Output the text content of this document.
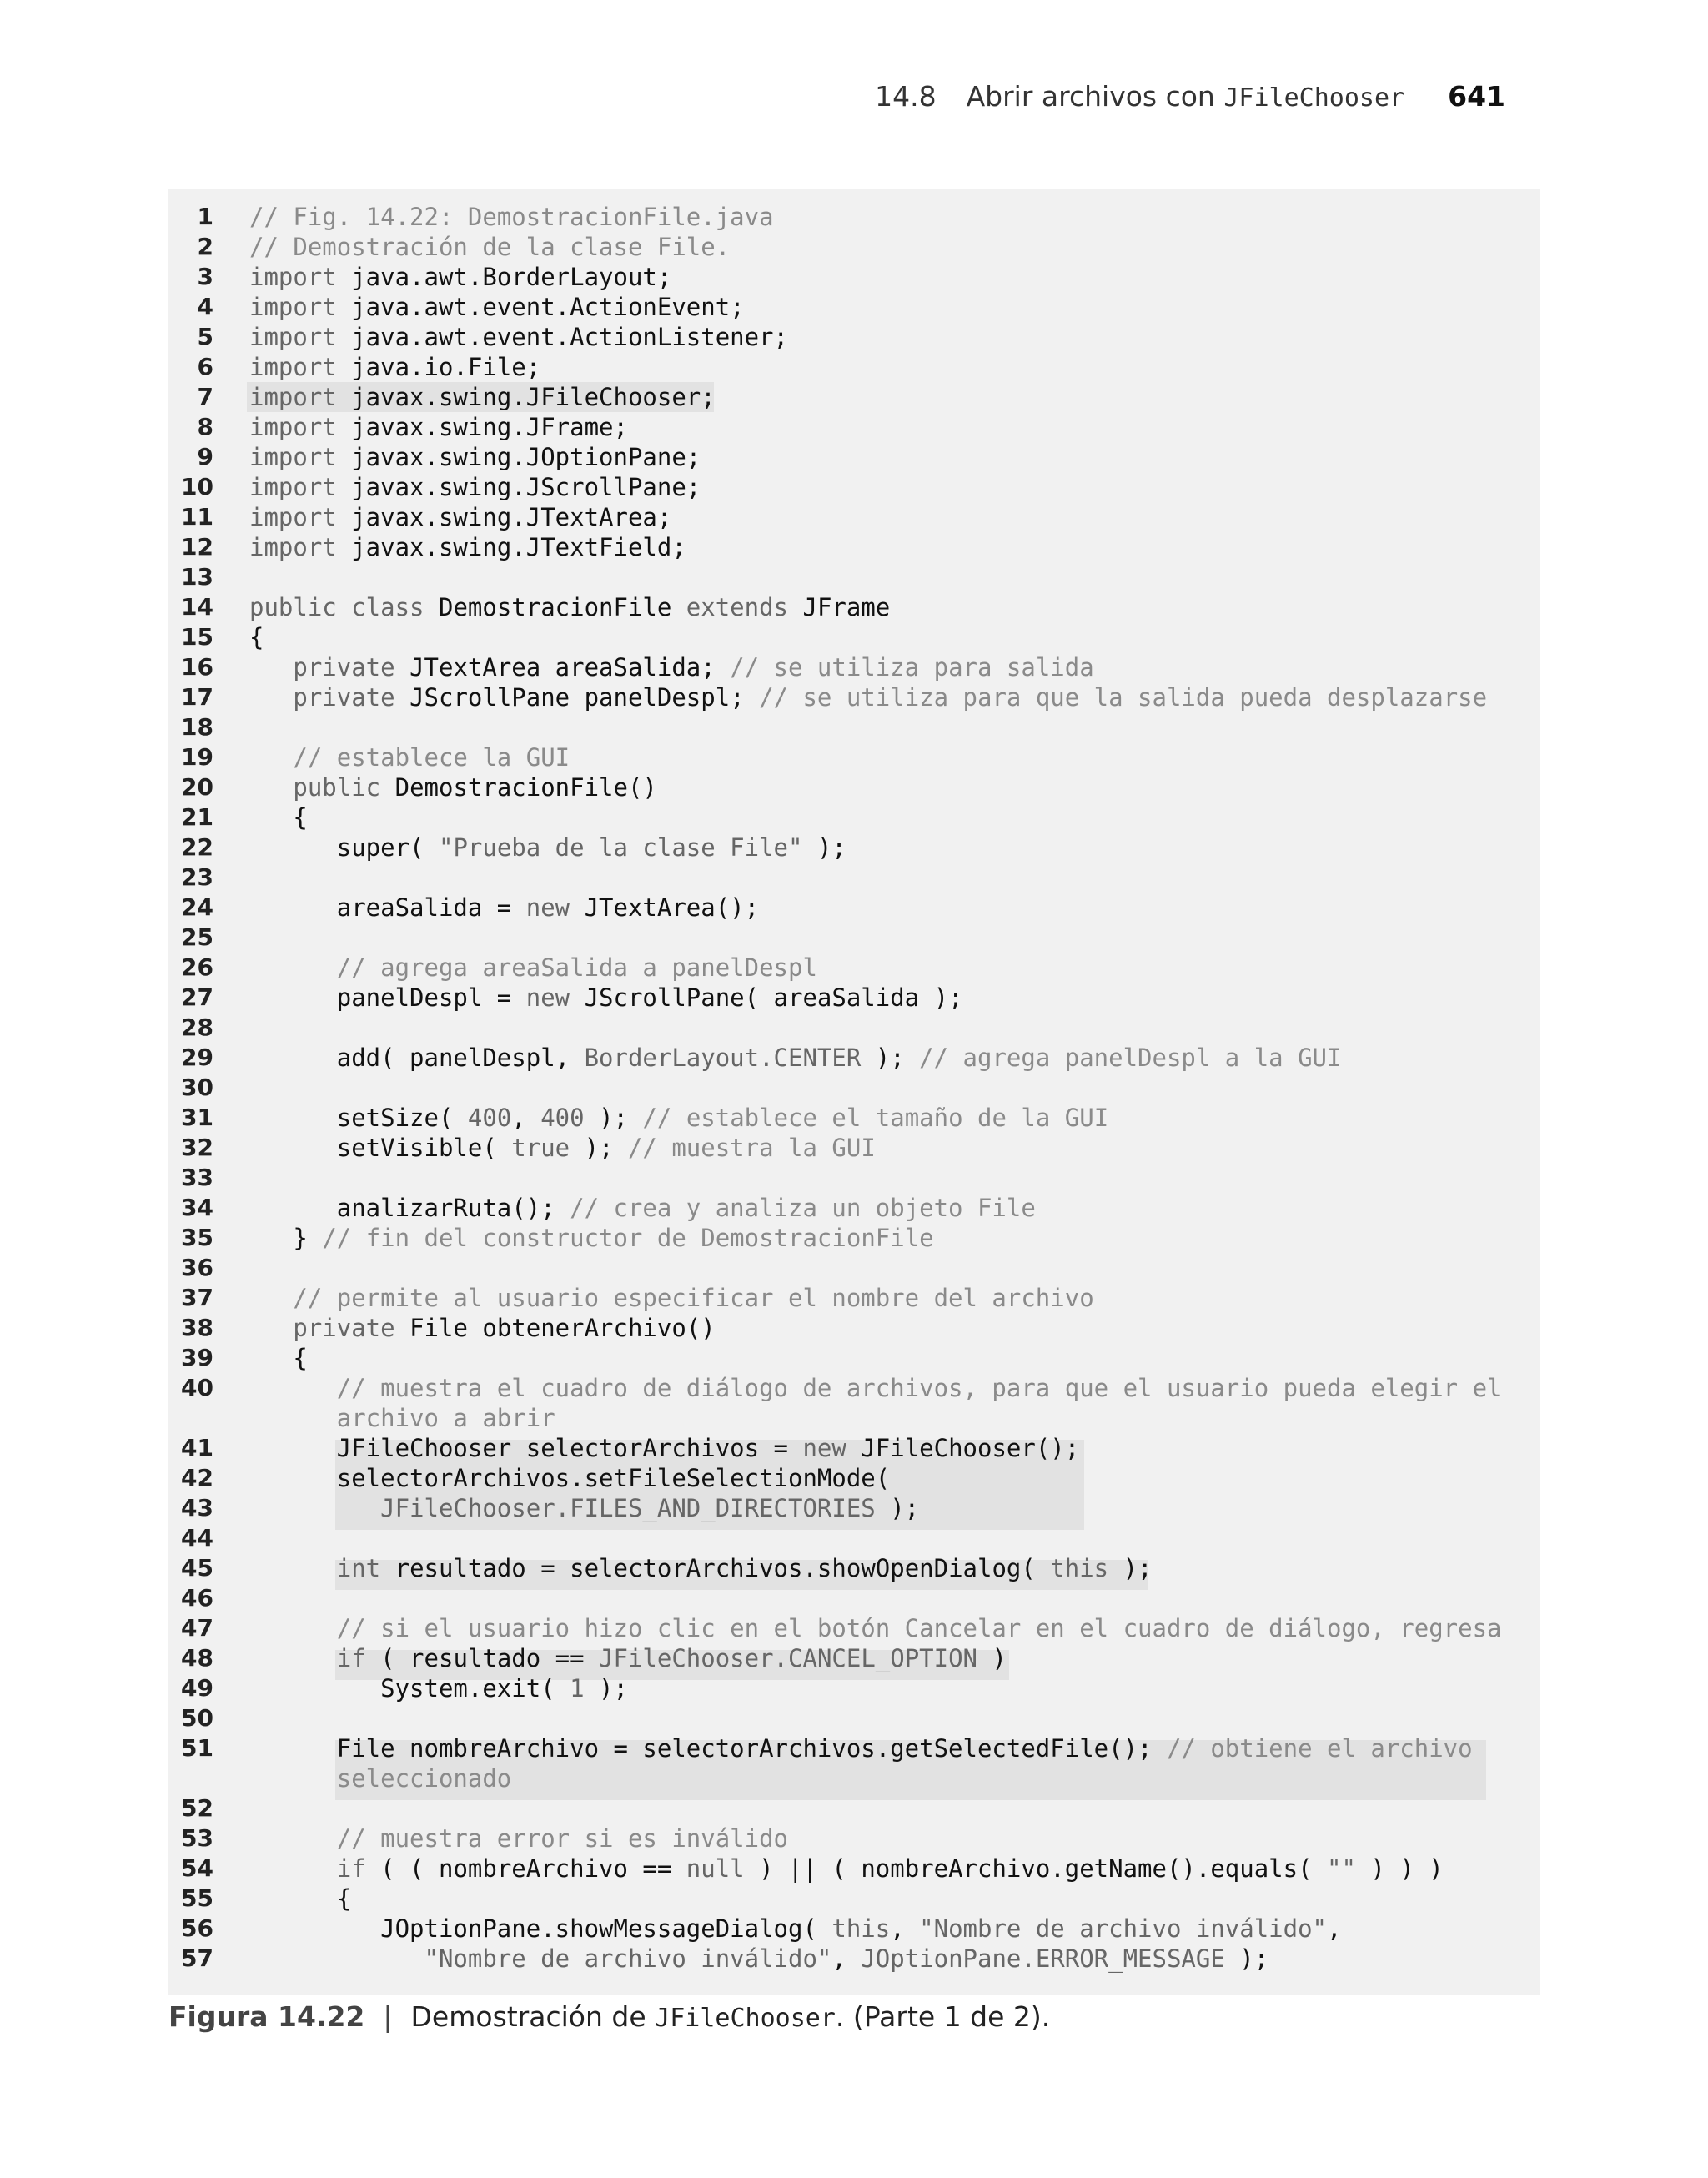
14.8 Abrir archivos con
JFileChooser 641
1 // Fig. 14.22: DemostracionFile.java
2 // Demostración de la clase File.
3 import java.awt.BorderLayout;
4 import java.awt.event.ActionEvent;
5 import java.awt.event.ActionListener;
6 import java.io.File;
7 import javax.swing.JFileChooser;
8 import javax.swing.JFrame;
9 import javax.swing.JOptionPane;
10 import javax.swing.JScrollPane;
11 import javax.swing.JTextArea;
12 import javax.swing.JTextField;
13
14 public class DemostracionFile extends JFrame
15 {
16 private JTextArea areaSalida; // se utiliza para salida
17 private JScrollPane panelDespl; // se utiliza para que la salida pueda desplazarse
18
19 // establece la GUI
20 public DemostracionFile()
21 {
22 super( "Prueba de la clase File" );
23
24 areaSalida = new JTextArea();
25
26 // agrega areaSalida a panelDespl
27 panelDespl = new JScrollPane( areaSalida );
28
29 add( panelDespl, BorderLayout.CENTER ); // agrega panelDespl a la GUI
30
31 setSize( 400, 400 ); // establece el tamaño de la GUI
32 setVisible( true ); // muestra la GUI
33
34 analizarRuta(); // crea y analiza un objeto File
35 } // fin del constructor de DemostracionFile
36
37 // permite al usuario especificar el nombre del archivo
38 private File obtenerArchivo()
39 {
40 // muestra el cuadro de diálogo de archivos, para que el usuario pueda elegir el
archivo a abrir
41 JFileChooser selectorArchivos = new JFileChooser();
42 selectorArchivos.setFileSelectionMode(
43 JFileChooser.FILES_AND_DIRECTORIES );
44
45 int resultado = selectorArchivos.showOpenDialog( this );
46
47 // si el usuario hizo clic en el botón Cancelar en el cuadro de diálogo, regresa
48 if ( resultado == JFileChooser.CANCEL_OPTION )
49 System.exit( 1 );
50
51 File nombreArchivo = selectorArchivos.getSelectedFile(); // obtiene el archivo
seleccionado
52
53 // muestra error si es inválido
54 if ( ( nombreArchivo == null ) || ( nombreArchivo.getName().equals( "" ) ) )
55 {
56 JOptionPane.showMessageDialog( this, "Nombre de archivo inválido",
57 "Nombre de archivo inválido", JOptionPane.ERROR_MESSAGE );
Figura 14.22 | Demostración de
JFileChooser . (Parte 1 de 2).
